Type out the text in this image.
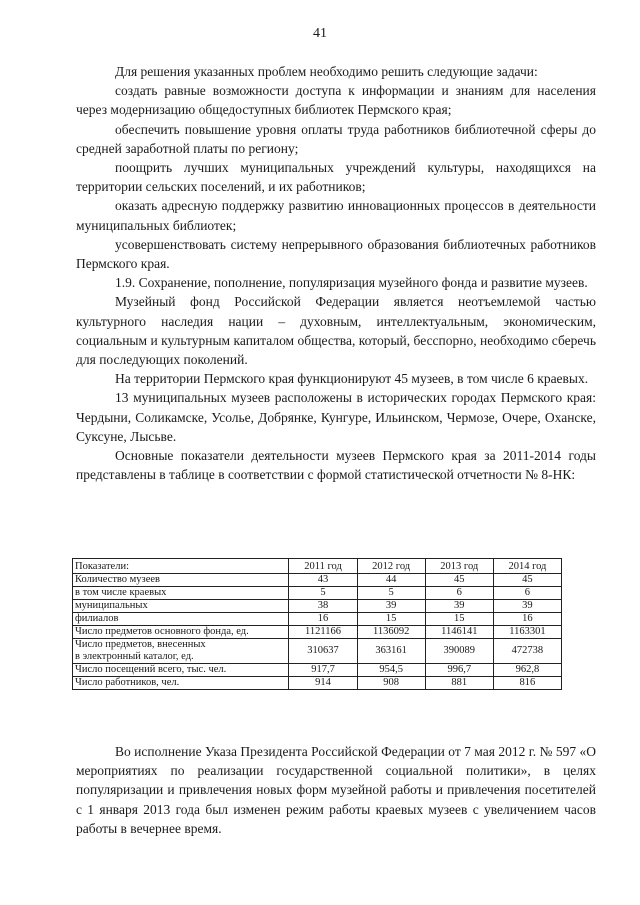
41

Для решения указанных проблем необходимо решить следующие задачи:

создать равные возможности доступа к информации и знаниям для населения через модернизацию общедоступных библиотек Пермского края;

обеспечить повышение уровня оплаты труда работников библиотечной сферы до средней заработной платы по региону;

поощрить лучших муниципальных учреждений культуры, находящихся на территории сельских поселений, и их работников;

оказать адресную поддержку развитию инновационных процессов в деятельности муниципальных библиотек;

усовершенствовать систему непрерывного образования библиотечных работников Пермского края.

1.9. Сохранение, пополнение, популяризация музейного фонда и развитие музеев.

Музейный фонд Российской Федерации является неотъемлемой частью культурного наследия нации – духовным, интеллектуальным, экономическим, социальным и культурным капиталом общества, который, бесспорно, необходимо сберечь для последующих поколений.

На территории Пермского края функционируют 45 музеев, в том числе 6 краевых.

13 муниципальных музеев расположены в исторических городах Пермского края: Чердыни, Соликамске, Усолье, Добрянке, Кунгуре, Ильинском, Чермозе, Очере, Оханске, Суксуне, Лысьве.

Основные показатели деятельности музеев Пермского края за 2011-2014 годы представлены в таблице в соответствии с формой статистической отчетности № 8-НК:

Показатели:	2011 год	2012 год	2013 год	2014 год
Количество музеев	43	44	45	45
в том числе краевых	5	5	6	6
муниципальных	38	39	39	39
филиалов	16	15	15	16
Число предметов основного фонда, ед.	1121166	1136092	1146141	1163301

Число предметов, внесенных
в электронный каталог, ед.	310637	363161	390089	472738
Число посещений всего, тыс. чел.	917,7	954,5	996,7	962,8
Число работников, чел.	914	908	881	816

Во исполнение Указа Президента Российской Федерации от 7 мая 2012 г. № 597 «О мероприятиях по реализации государственной социальной политики», в целях популяризации и привлечения новых форм музейной работы и привлечения посетителей с 1 января 2013 года был изменен режим работы краевых музеев с увеличением часов работы в вечернее время.
